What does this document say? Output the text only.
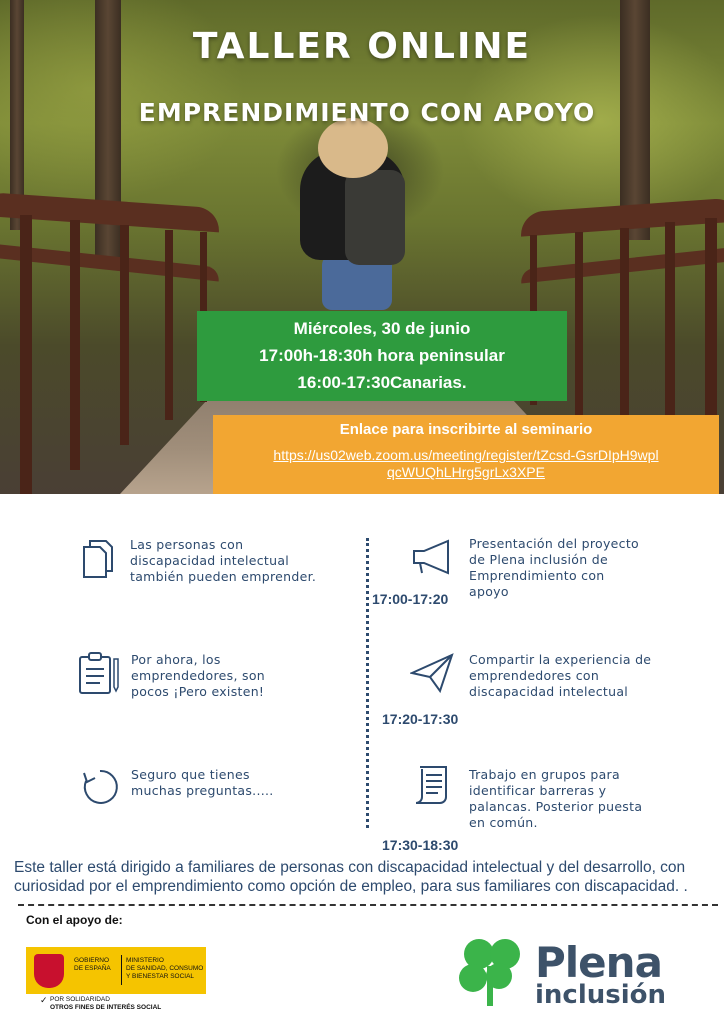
TALLER ONLINE
EMPRENDIMIENTO CON APOYO
Miércoles, 30 de junio
17:00h-18:30h hora peninsular
16:00-17:30Canarias.
Enlace para inscribirte al seminario
https://us02web.zoom.us/meeting/register/tZcsd-GsrDIpH9wplqcWUQhLHrg5grLx3XPE
Las personas con discapacidad intelectual también pueden emprender.
Por ahora, los emprendedores, son pocos ¡Pero existen!
Seguro que tienes muchas preguntas.....
17:00-17:20
Presentación del proyecto de Plena inclusión de Emprendimiento con apoyo
17:20-17:30
Compartir la experiencia de emprendedores con discapacidad intelectual
17:30-18:30
Trabajo en grupos para identificar barreras y palancas. Posterior puesta en común.
Este taller está dirigido a familiares de personas con discapacidad intelectual y del desarrollo, con curiosidad por el emprendimiento como opción de empleo, para sus familiares con discapacidad. .
Con el apoyo de:
GOBIERNO
DE ESPAÑA
MINISTERIO
DE SANIDAD, CONSUMO
Y BIENESTAR SOCIAL
✓ POR SOLIDARIDAD
OTROS FINES DE INTERÉS SOCIAL
Plena
inclusión
